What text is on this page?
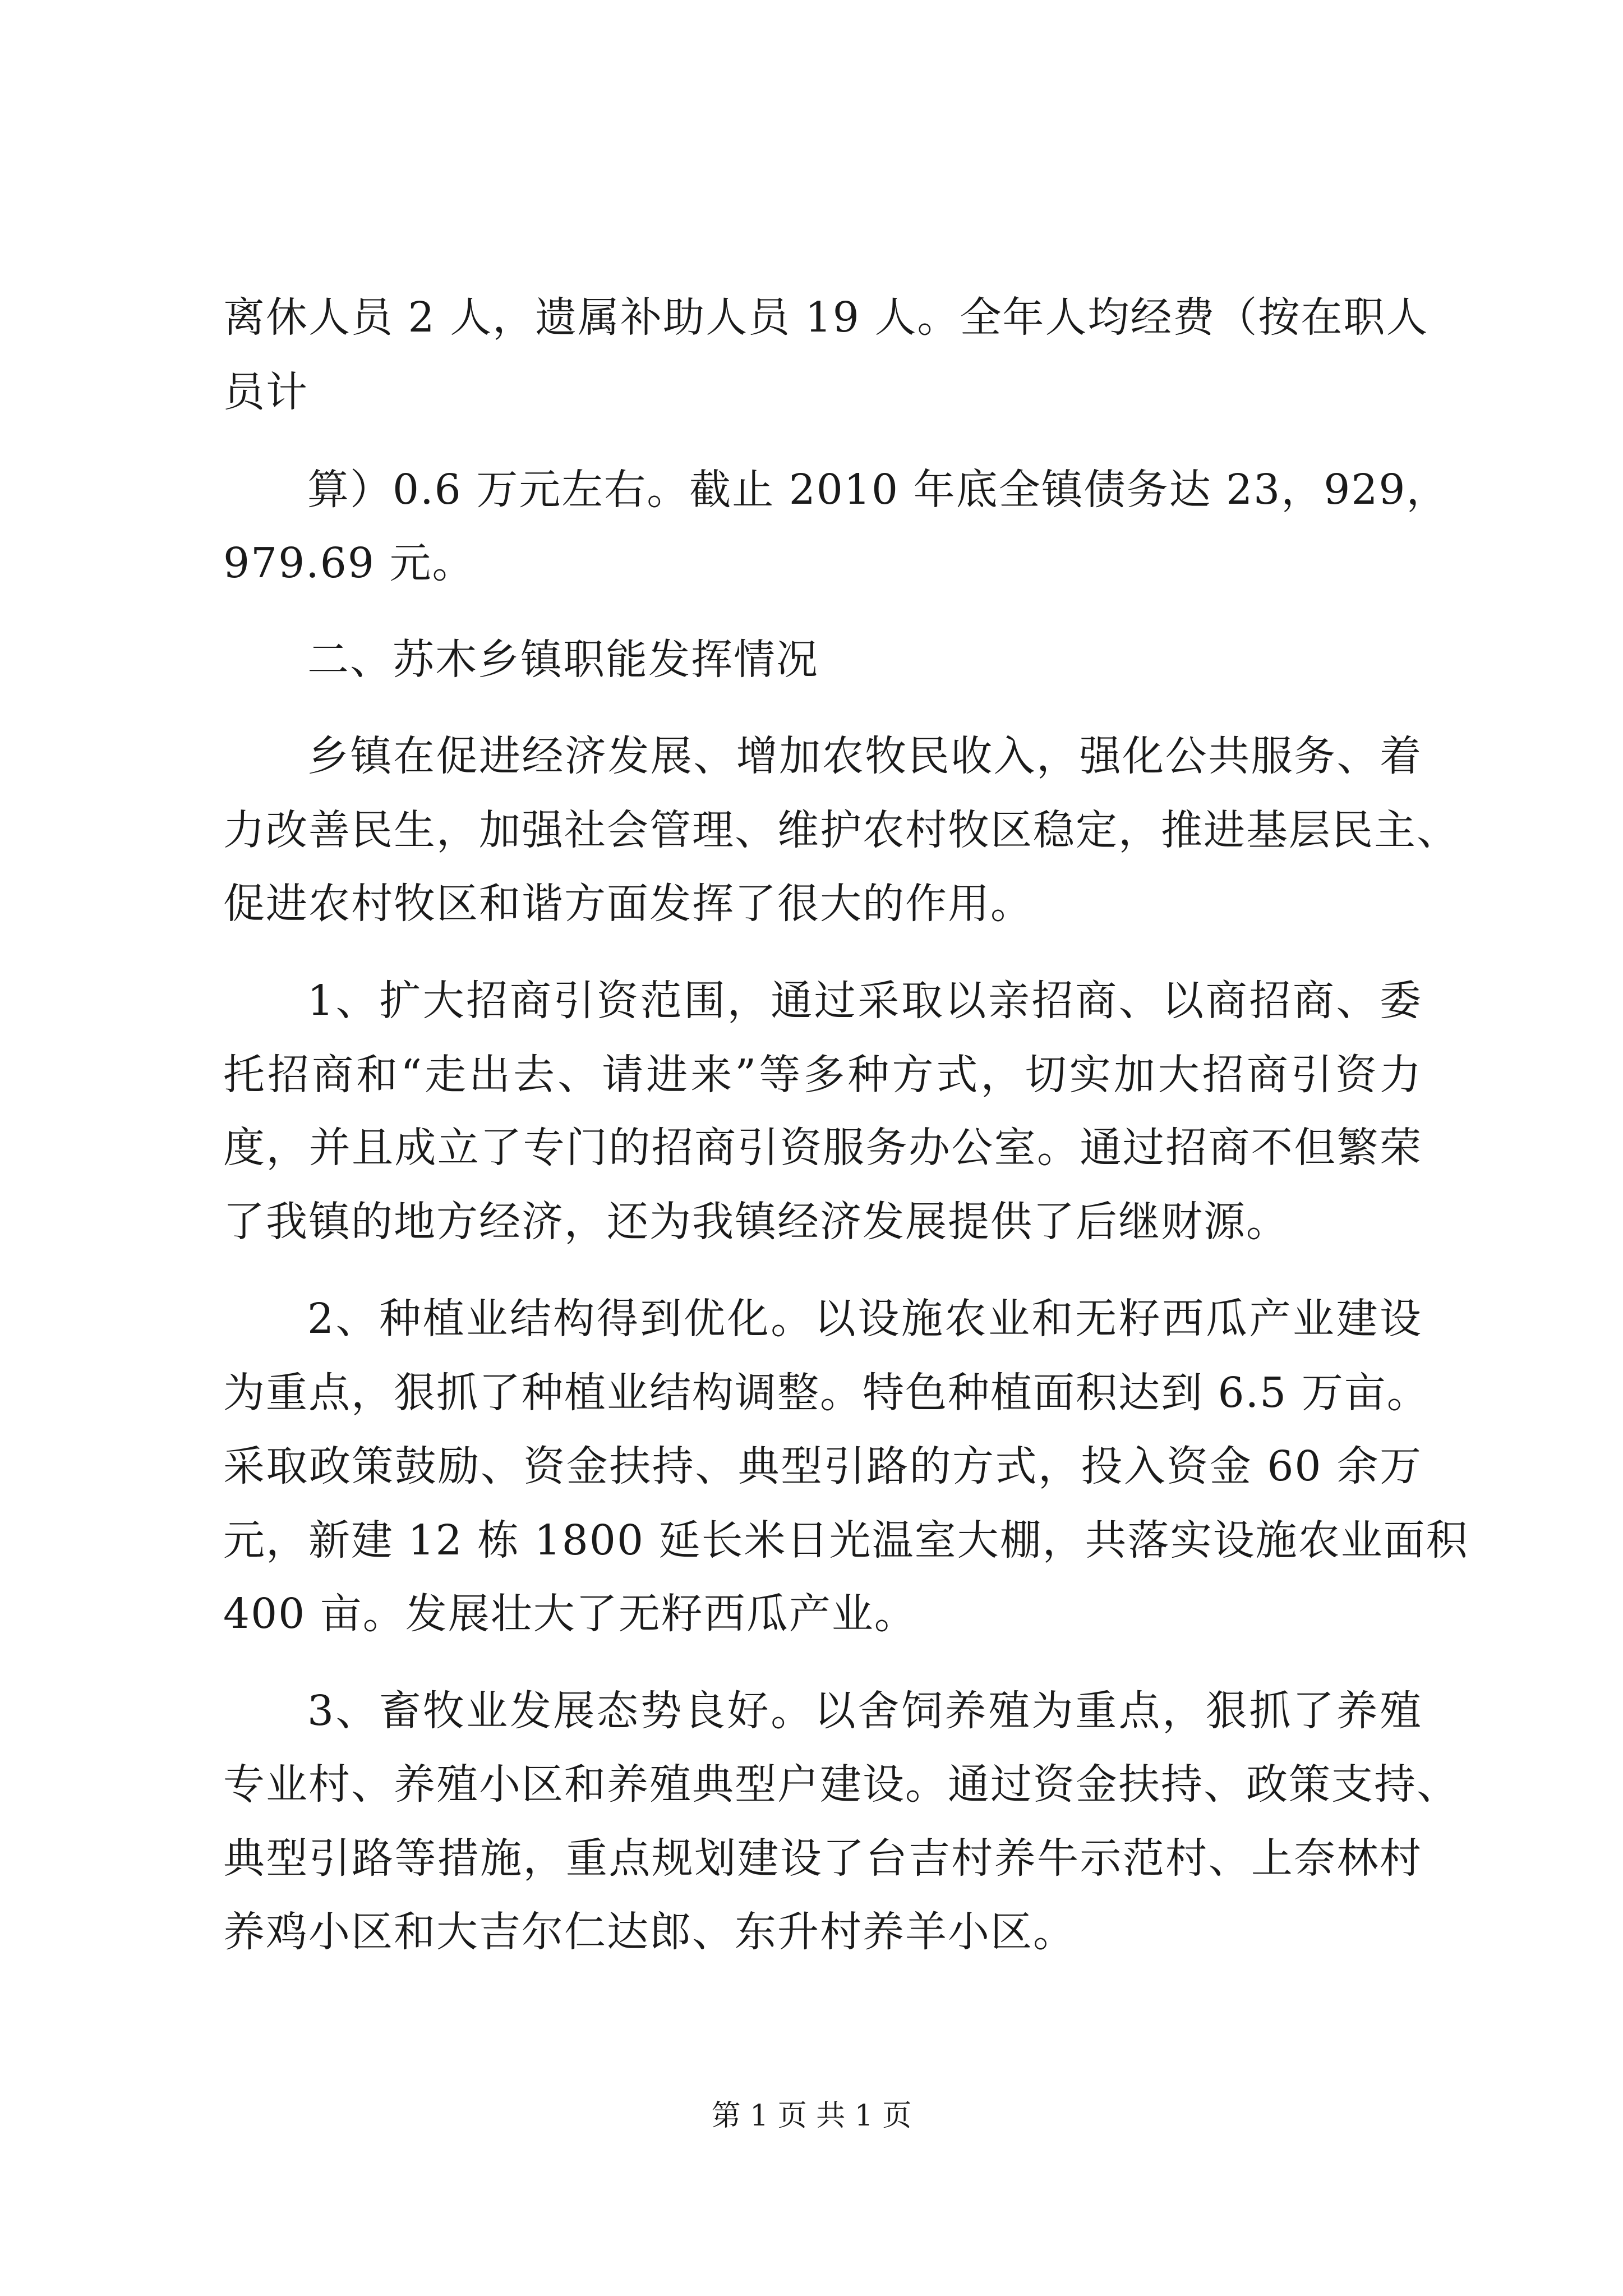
离休人员 2 人，遗属补助人员 19 人。全年人均经费（按在职人
员计
算）0.6 万元左右。截止 2010 年底全镇债务达 23，929，
979.69 元。
二、苏木乡镇职能发挥情况
乡镇在促进经济发展、增加农牧民收入，强化公共服务、着
力改善民生，加强社会管理、维护农村牧区稳定，推进基层民主、
促进农村牧区和谐方面发挥了很大的作用。
1、扩大招商引资范围，通过采取以亲招商、以商招商、委
托招商和“走出去、请进来”等多种方式，切实加大招商引资力
度，并且成立了专门的招商引资服务办公室。通过招商不但繁荣
了我镇的地方经济，还为我镇经济发展提供了后继财源。
2、种植业结构得到优化。以设施农业和无籽西瓜产业建设
为重点，狠抓了种植业结构调整。特色种植面积达到 6.5 万亩。
采取政策鼓励、资金扶持、典型引路的方式，投入资金 60 余万
元，新建 12 栋 1800 延长米日光温室大棚，共落实设施农业面积
400 亩。发展壮大了无籽西瓜产业。
3、畜牧业发展态势良好。以舍饲养殖为重点，狠抓了养殖
专业村、养殖小区和养殖典型户建设。通过资金扶持、政策支持、
典型引路等措施，重点规划建设了台吉村养牛示范村、上奈林村
养鸡小区和大吉尔仁达郎、东升村养羊小区。
第 1 页 共 1 页
